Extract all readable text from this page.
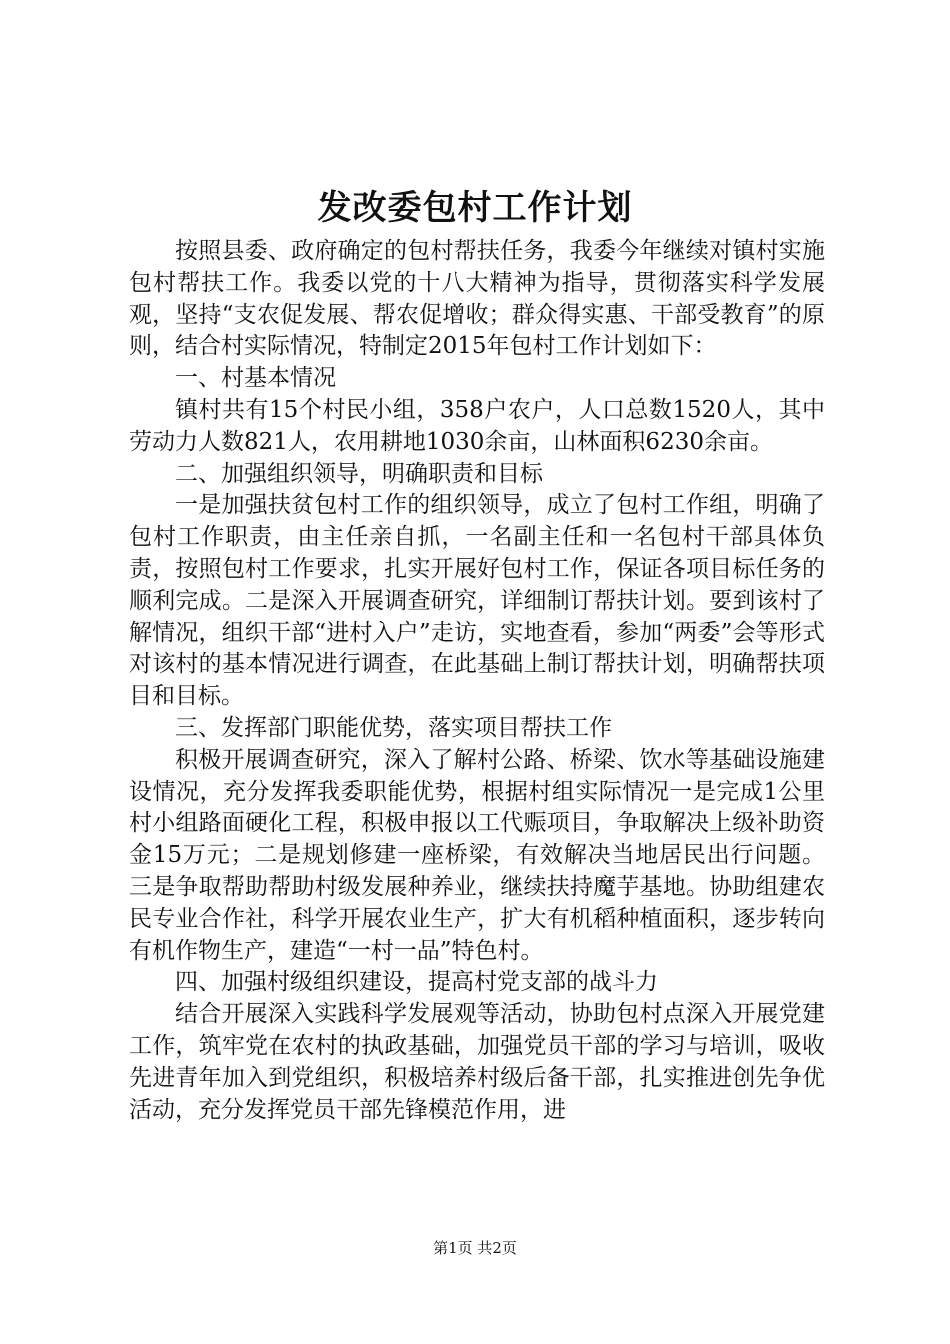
发改委包村工作计划

按照县委、政府确定的包村帮扶任务，我委今年继续对镇村实施包村帮扶工作。我委以党的十八大精神为指导，贯彻落实科学发展观，坚持“支农促发展、帮农促增收；群众得实惠、干部受教育”的原则，结合村实际情况，特制定2015年包村工作计划如下：

一、村基本情况

镇村共有15个村民小组，358户农户，人口总数1520人，其中劳动力人数821人，农用耕地1030余亩，山林面积6230余亩。

二、加强组织领导，明确职责和目标

一是加强扶贫包村工作的组织领导，成立了包村工作组，明确了包村工作职责，由主任亲自抓，一名副主任和一名包村干部具体负责，按照包村工作要求，扎实开展好包村工作，保证各项目标任务的顺利完成。二是深入开展调查研究，详细制订帮扶计划。要到该村了解情况，组织干部“进村入户”走访，实地查看，参加“两委”会等形式对该村的基本情况进行调查，在此基础上制订帮扶计划，明确帮扶项目和目标。

三、发挥部门职能优势，落实项目帮扶工作

积极开展调查研究，深入了解村公路、桥梁、饮水等基础设施建设情况，充分发挥我委职能优势，根据村组实际情况一是完成1公里村小组路面硬化工程，积极申报以工代赈项目，争取解决上级补助资金15万元；二是规划修建一座桥梁，有效解决当地居民出行问题。三是争取帮助帮助村级发展种养业，继续扶持魔芋基地。协助组建农民专业合作社，科学开展农业生产，扩大有机稻种植面积，逐步转向有机作物生产，建造“一村一品”特色村。

四、加强村级组织建设，提高村党支部的战斗力

结合开展深入实践科学发展观等活动，协助包村点深入开展党建工作，筑牢党在农村的执政基础，加强党员干部的学习与培训，吸收先进青年加入到党组织，积极培养村级后备干部，扎实推进创先争优活动，充分发挥党员干部先锋模范作用，进

第1页 共2页
